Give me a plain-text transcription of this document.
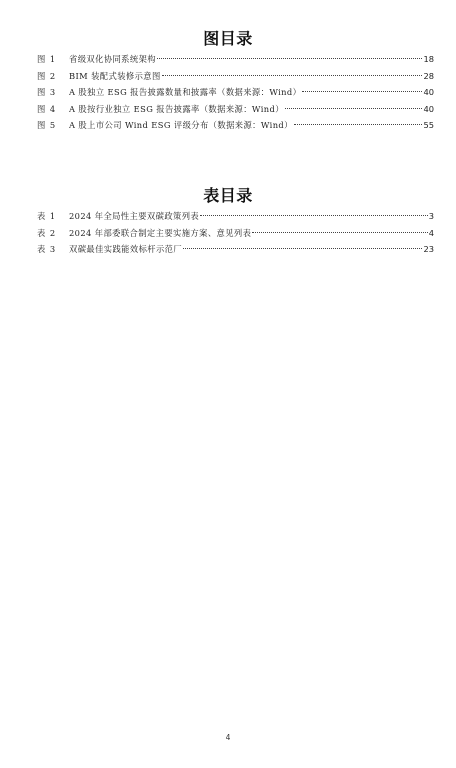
图目录
图 1	省级双化协同系统架构	18
图 2	BIM 装配式装修示意图	28
图 3	A 股独立 ESG 报告披露数量和披露率（数据来源：Wind）	40
图 4	A 股按行业独立 ESG 报告披露率（数据来源：Wind）	40
图 5	A 股上市公司 Wind ESG 评级分布（数据来源：Wind）	55
表目录
表 1	2024 年全局性主要双碳政策列表	3
表 2	2024 年部委联合制定主要实施方案、意见列表	4
表 3	双碳最佳实践能效标杆示范厂	23
4
